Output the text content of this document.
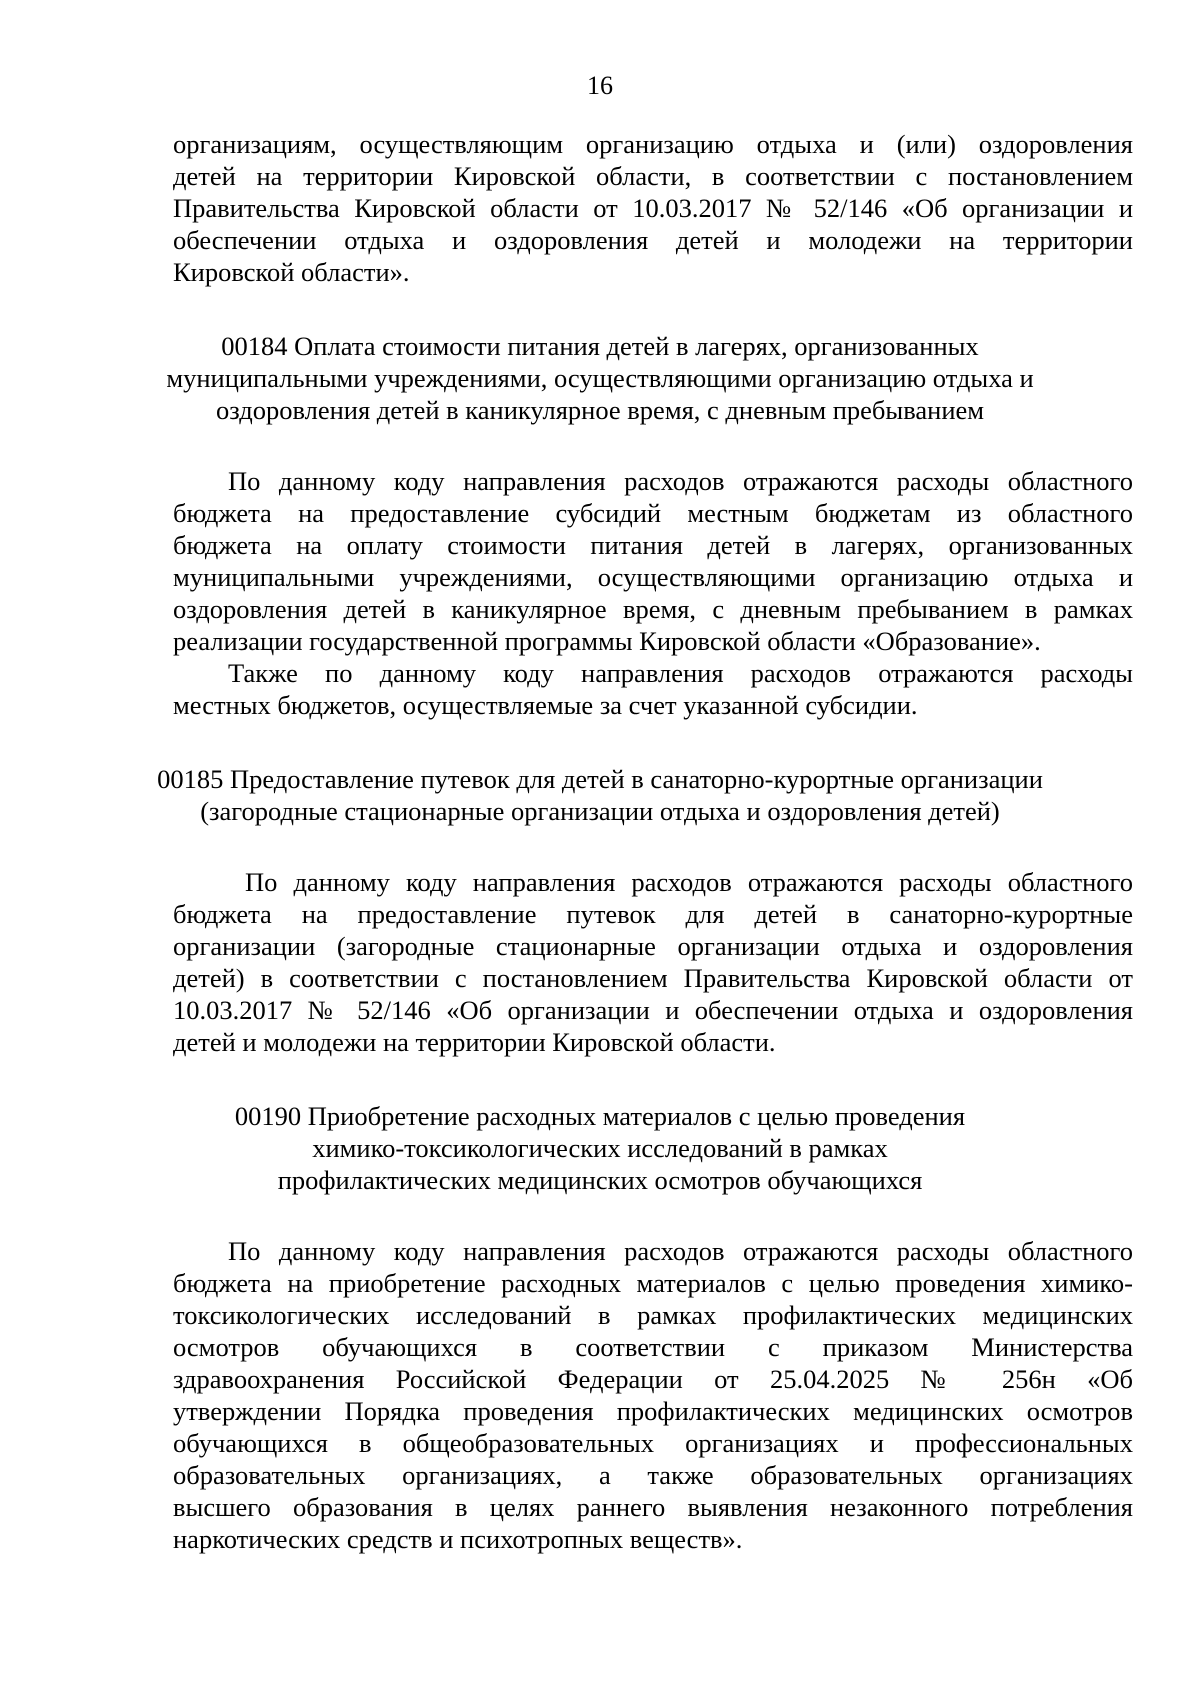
16
организациям, осуществляющим организацию отдыха и (или) оздоровления
детей на территории Кировской области, в соответствии с постановлением
Правительства Кировской области от 10.03.2017 № 52/146 «Об организации и
обеспечении отдыха и оздоровления детей и молодежи на территории
Кировской области».
00184 Оплата стоимости питания детей в лагерях, организованных
муниципальными учреждениями, осуществляющими организацию отдыха и
оздоровления детей в каникулярное время, с дневным пребыванием
По данному коду направления расходов отражаются расходы областного
бюджета на предоставление субсидий местным бюджетам из областного
бюджета на оплату стоимости питания детей в лагерях, организованных
муниципальными учреждениями, осуществляющими организацию отдыха и
оздоровления детей в каникулярное время, с дневным пребыванием в рамках
реализации государственной программы Кировской области «Образование».
Также по данному коду направления расходов отражаются расходы
местных бюджетов, осуществляемые за счет указанной субсидии.
00185 Предоставление путевок для детей в санаторно-курортные организации
(загородные стационарные организации отдыха и оздоровления детей)
По данному коду направления расходов отражаются расходы областного
бюджета на предоставление путевок для детей в санаторно-курортные
организации (загородные стационарные организации отдыха и оздоровления
детей) в соответствии с постановлением Правительства Кировской области от
10.03.2017 № 52/146 «Об организации и обеспечении отдыха и оздоровления
детей и молодежи на территории Кировской области.
00190 Приобретение расходных материалов с целью проведения
химико-токсикологических исследований в рамках
профилактических медицинских осмотров обучающихся
По данному коду направления расходов отражаются расходы областного
бюджета на приобретение расходных материалов с целью проведения химико-
токсикологических исследований в рамках профилактических медицинских
осмотров обучающихся в соответствии с приказом Министерства
здравоохранения Российской Федерации от 25.04.2025 № 256н «Об
утверждении Порядка проведения профилактических медицинских осмотров
обучающихся в общеобразовательных организациях и профессиональных
образовательных организациях, а также образовательных организациях
высшего образования в целях раннего выявления незаконного потребления
наркотических средств и психотропных веществ».
